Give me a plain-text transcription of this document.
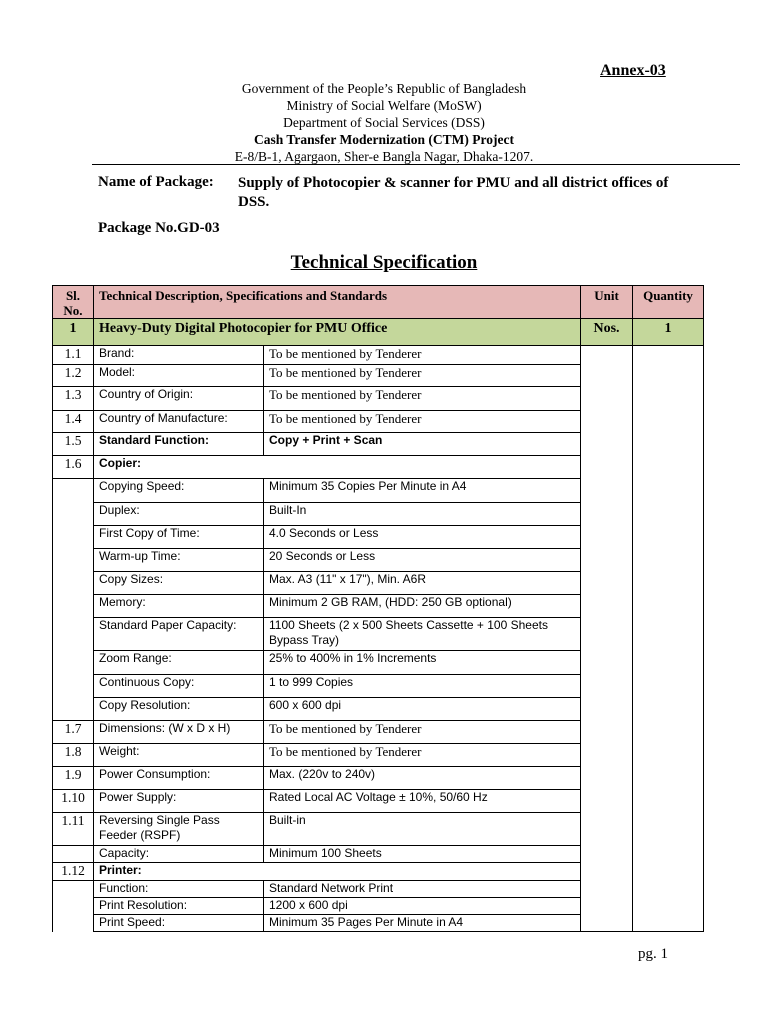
Annex-03
Government of the People’s Republic of Bangladesh
Ministry of Social Welfare (MoSW)
Department of Social Services (DSS)
Cash Transfer Modernization (CTM) Project
E-8/B-1, Agargaon, Sher-e Bangla Nagar, Dhaka-1207.
Name of Package: Supply of Photocopier & scanner for PMU and all district offices of DSS.
Package No.GD-03
Technical Specification
Sl. No.	Technical Description, Specifications and Standards		Unit	Quantity
1	Heavy-Duty Digital Photocopier for PMU Office		Nos.	1
1.1	Brand:	To be mentioned by Tenderer		
1.2	Model:	To be mentioned by Tenderer		
1.3	Country of Origin:	To be mentioned by Tenderer		
1.4	Country of Manufacture:	To be mentioned by Tenderer		
1.5	Standard Function:	Copy + Print + Scan		
1.6	Copier:			
	Copying Speed:	Minimum 35 Copies Per Minute in A4		
	Duplex:	Built-In		
	First Copy of Time:	4.0 Seconds or Less		
	Warm-up Time:	20 Seconds or Less		
	Copy Sizes:	Max. A3 (11" x 17"), Min. A6R		
	Memory:	Minimum 2 GB RAM, (HDD: 250 GB optional)		
	Standard Paper Capacity:	1100 Sheets (2 x 500 Sheets Cassette + 100 Sheets Bypass Tray)		
	Zoom Range:	25% to 400% in 1% Increments		
	Continuous Copy:	1 to 999 Copies		
	Copy Resolution:	600 x 600 dpi		
1.7	Dimensions: (W x D x H)	To be mentioned by Tenderer		
1.8	Weight:	To be mentioned by Tenderer		
1.9	Power Consumption:	Max. (220v to 240v)		
1.10	Power Supply:	Rated Local AC Voltage ± 10%, 50/60 Hz		
1.11	Reversing Single Pass Feeder (RSPF)	Built-in		
	Capacity:	Minimum 100 Sheets		
1.12	Printer:			
	Function:	Standard Network Print		
	Print Resolution:	1200 x 600 dpi		
	Print Speed:	Minimum 35 Pages Per Minute in A4		
pg. 1
